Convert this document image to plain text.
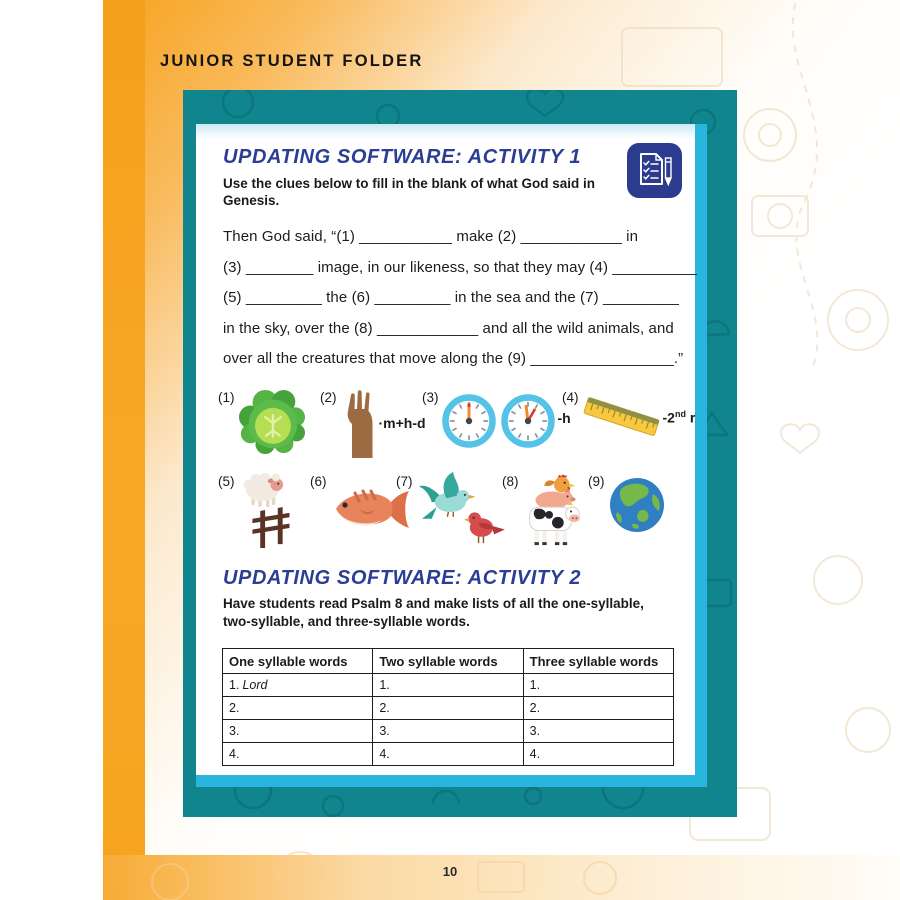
JUNIOR STUDENT FOLDER
UPDATING SOFTWARE: ACTIVITY 1
Use the clues below to fill in the blank of what God said in Genesis.
Then God said, “(1) ___________ make (2) ____________ in
(3) ________ image, in our likeness, so that they may (4) __________
(5) _________ the (6) _________ in the sea and the (7) _________
in the sky, over the (8) ____________ and all the wild animals, and
over all the creatures that move along the (9) _________________.”
(1)	(2)
·m+h-d
(3)
-h
(4)
-2nd r
(5)	(6)	(7)	(8)	(9)
UPDATING SOFTWARE: ACTIVITY 2
Have students read Psalm 8 and make lists of all the one-syllable, two-syllable, and three-syllable words.
One syllable words	Two syllable words	Three syllable words
1. Lord	1.	1.
2.	2.	2.
3.	3.	3.
4.	4.	4.
10
